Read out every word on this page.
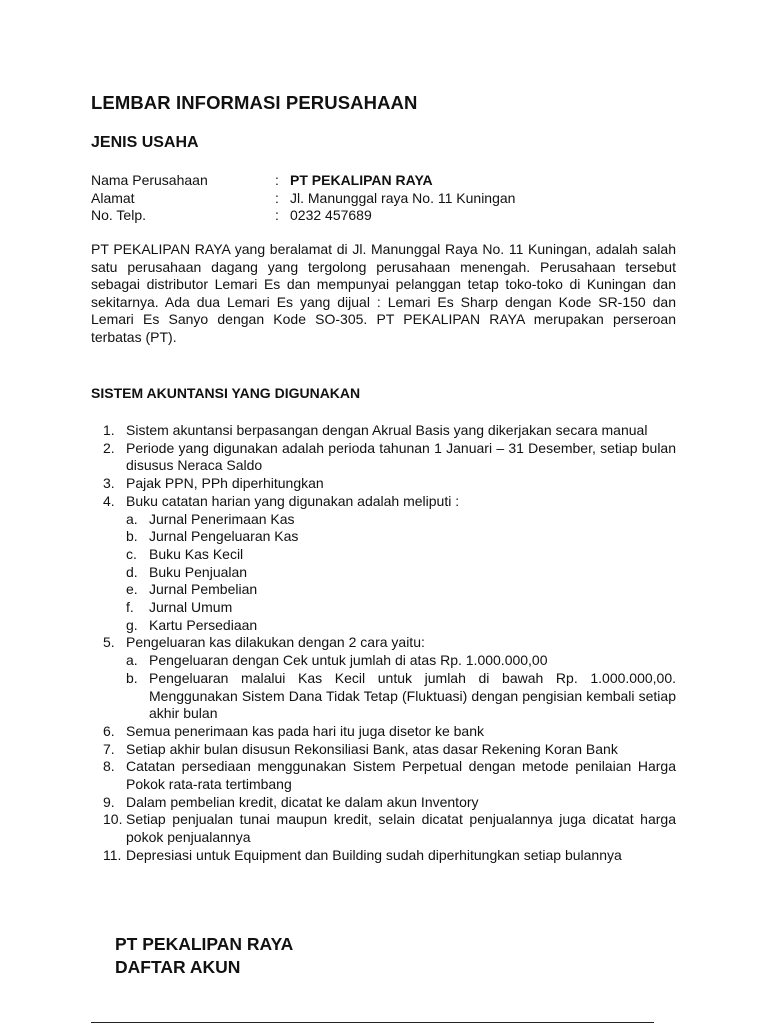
LEMBAR INFORMASI PERUSAHAAN
JENIS USAHA
Nama Perusahaan	: PT PEKALIPAN RAYA
Alamat	: Jl. Manunggal raya No. 11 Kuningan
No. Telp.	: 0232 457689

PT PEKALIPAN RAYA yang beralamat di Jl. Manunggal Raya No. 11 Kuningan, adalah salah satu perusahaan dagang yang tergolong perusahaan menengah. Perusahaan tersebut sebagai distributor Lemari Es dan mempunyai pelanggan tetap toko-toko di Kuningan dan sekitarnya. Ada dua Lemari Es yang dijual : Lemari Es Sharp dengan Kode SR-150 dan Lemari Es Sanyo dengan Kode SO-305. PT PEKALIPAN RAYA merupakan perseroan terbatas (PT).

SISTEM AKUNTANSI YANG DIGUNAKAN
1. Sistem akuntansi berpasangan dengan Akrual Basis yang dikerjakan secara manual
2. Periode yang digunakan adalah perioda tahunan 1 Januari – 31 Desember, setiap bulan disusus Neraca Saldo
3. Pajak PPN, PPh diperhitungkan
4. Buku catatan harian yang digunakan adalah meliputi :
a. Jurnal Penerimaan Kas
b. Jurnal Pengeluaran Kas
c. Buku Kas Kecil
d. Buku Penjualan
e. Jurnal Pembelian
f.	Jurnal Umum
g. Kartu Persediaan
5. Pengeluaran kas dilakukan dengan 2 cara yaitu:
a. Pengeluaran dengan Cek untuk jumlah di atas Rp. 1.000.000,00
b. Pengeluaran malalui Kas Kecil untuk jumlah di bawah Rp. 1.000.000,00. Menggunakan Sistem Dana Tidak Tetap (Fluktuasi) dengan pengisian kembali setiap akhir bulan
6. Semua penerimaan kas pada hari itu juga disetor ke bank
7. Setiap akhir bulan disusun Rekonsiliasi Bank, atas dasar Rekening Koran Bank
8. Catatan persediaan menggunakan Sistem Perpetual dengan metode penilaian Harga Pokok rata-rata tertimbang
9. Dalam pembelian kredit, dicatat ke dalam akun Inventory
10. Setiap penjualan tunai maupun kredit, selain dicatat penjualannya juga dicatat harga pokok penjualannya
11. Depresiasi untuk Equipment dan Building sudah diperhitungkan setiap bulannya
PT PEKALIPAN RAYA
DAFTAR AKUN
